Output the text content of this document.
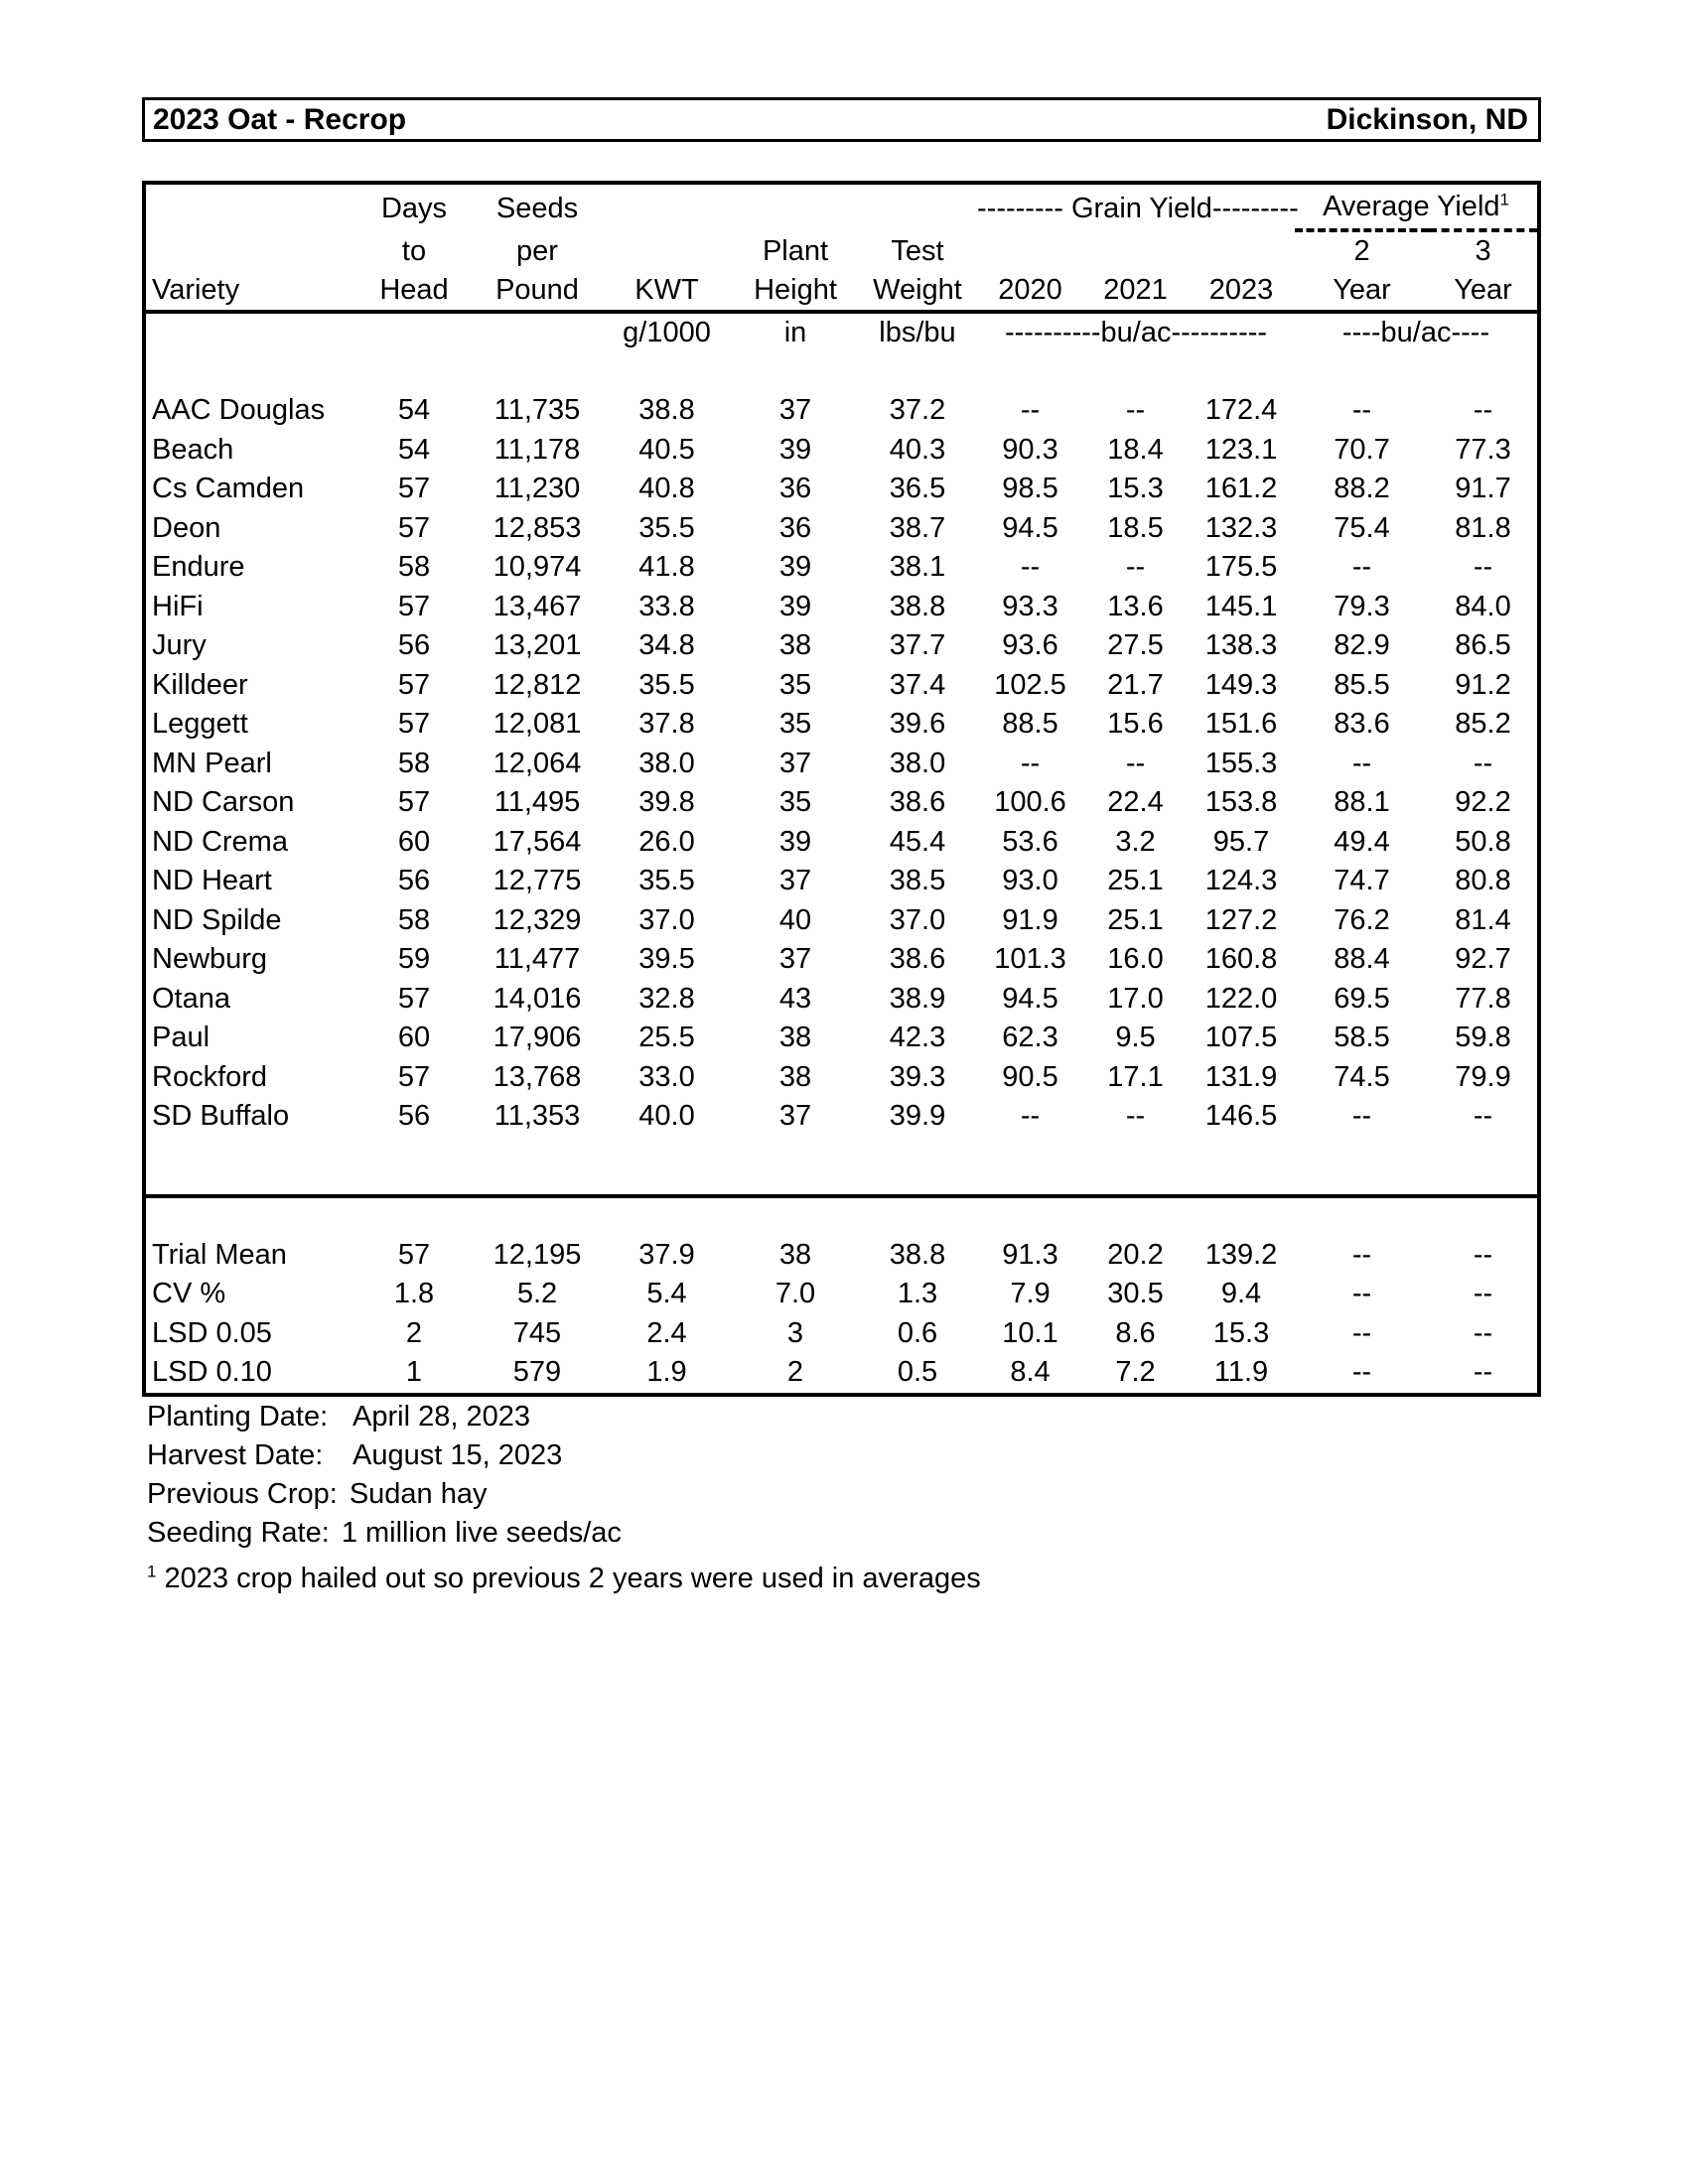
2023 Oat - Recrop	Dickinson, ND
	Days	Seeds				--------- Grain Yield---------			Average Yield$^1$
	to	per		Plant	Test				2	3
Variety	Head	Pound	KWT	Height	Weight	2020	2021	2023	Year	Year
			g/1000	in	lbs/bu	----------bu/ac----------			----bu/ac----	

AAC Douglas	54	11,735	38.8	37	37.2	--	--	172.4	--	--
Beach	54	11,178	40.5	39	40.3	90.3	18.4	123.1	70.7	77.3
Cs Camden	57	11,230	40.8	36	36.5	98.5	15.3	161.2	88.2	91.7
Deon	57	12,853	35.5	36	38.7	94.5	18.5	132.3	75.4	81.8
Endure	58	10,974	41.8	39	38.1	--	--	175.5	--	--
HiFi	57	13,467	33.8	39	38.8	93.3	13.6	145.1	79.3	84.0
Jury	56	13,201	34.8	38	37.7	93.6	27.5	138.3	82.9	86.5
Killdeer	57	12,812	35.5	35	37.4	102.5	21.7	149.3	85.5	91.2
Leggett	57	12,081	37.8	35	39.6	88.5	15.6	151.6	83.6	85.2
MN Pearl	58	12,064	38.0	37	38.0	--	--	155.3	--	--
ND Carson	57	11,495	39.8	35	38.6	100.6	22.4	153.8	88.1	92.2
ND Crema	60	17,564	26.0	39	45.4	53.6	3.2	95.7	49.4	50.8
ND Heart	56	12,775	35.5	37	38.5	93.0	25.1	124.3	74.7	80.8
ND Spilde	58	12,329	37.0	40	37.0	91.9	25.1	127.2	76.2	81.4
Newburg	59	11,477	39.5	37	38.6	101.3	16.0	160.8	88.4	92.7
Otana	57	14,016	32.8	43	38.9	94.5	17.0	122.0	69.5	77.8
Paul	60	17,906	25.5	38	42.3	62.3	9.5	107.5	58.5	59.8
Rockford	57	13,768	33.0	38	39.3	90.5	17.1	131.9	74.5	79.9
SD Buffalo	56	11,353	40.0	37	39.9	--	--	146.5	--	--

Trial Mean	57	12,195	37.9	38	38.8	91.3	20.2	139.2	--	--
CV %	1.8	5.2	5.4	7.0	1.3	7.9	30.5	9.4	--	--
LSD 0.05	2	745	2.4	3	0.6	10.1	8.6	15.3	--	--
LSD 0.10	1	579	1.9	2	0.5	8.4	7.2	11.9	--	--
Planting Date: April 28, 2023
Harvest Date: August 15, 2023
Previous Crop: Sudan hay
Seeding Rate: 1 million live seeds/ac
$^1$ 2023 crop hailed out so previous 2 years were used in averages
